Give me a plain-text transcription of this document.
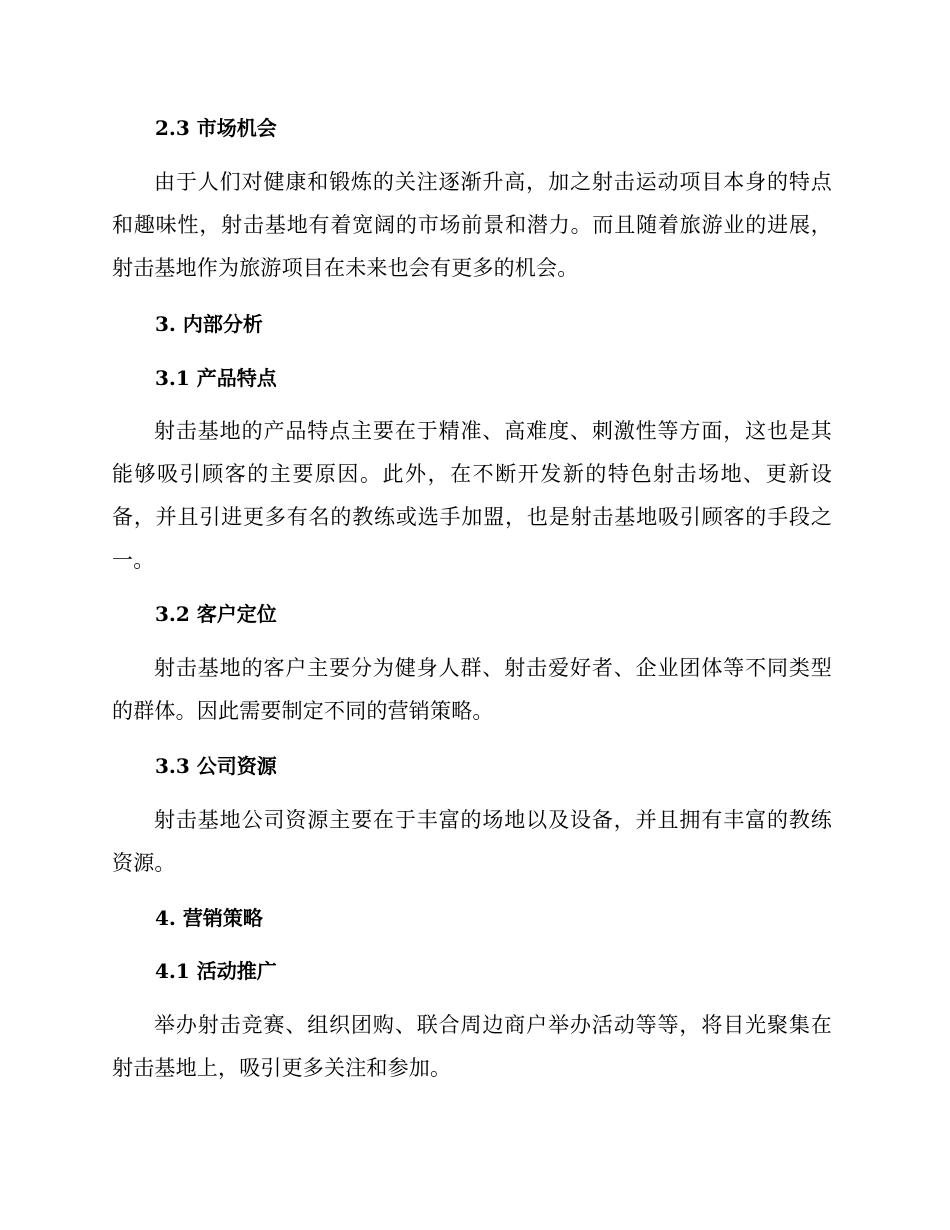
2.3 市场机会
由于人们对健康和锻炼的关注逐渐升高，加之射击运动项目本身的特点和趣味性，射击基地有着宽阔的市场前景和潜力。而且随着旅游业的进展，射击基地作为旅游项目在未来也会有更多的机会。
3. 内部分析
3.1 产品特点
射击基地的产品特点主要在于精准、高难度、刺激性等方面，这也是其能够吸引顾客的主要原因。此外，在不断开发新的特色射击场地、更新设备，并且引进更多有名的教练或选手加盟，也是射击基地吸引顾客的手段之一。
3.2 客户定位
射击基地的客户主要分为健身人群、射击爱好者、企业团体等不同类型的群体。因此需要制定不同的营销策略。
3.3 公司资源
射击基地公司资源主要在于丰富的场地以及设备，并且拥有丰富的教练资源。
4. 营销策略
4.1 活动推广
举办射击竞赛、组织团购、联合周边商户举办活动等等，将目光聚集在射击基地上，吸引更多关注和参加。
